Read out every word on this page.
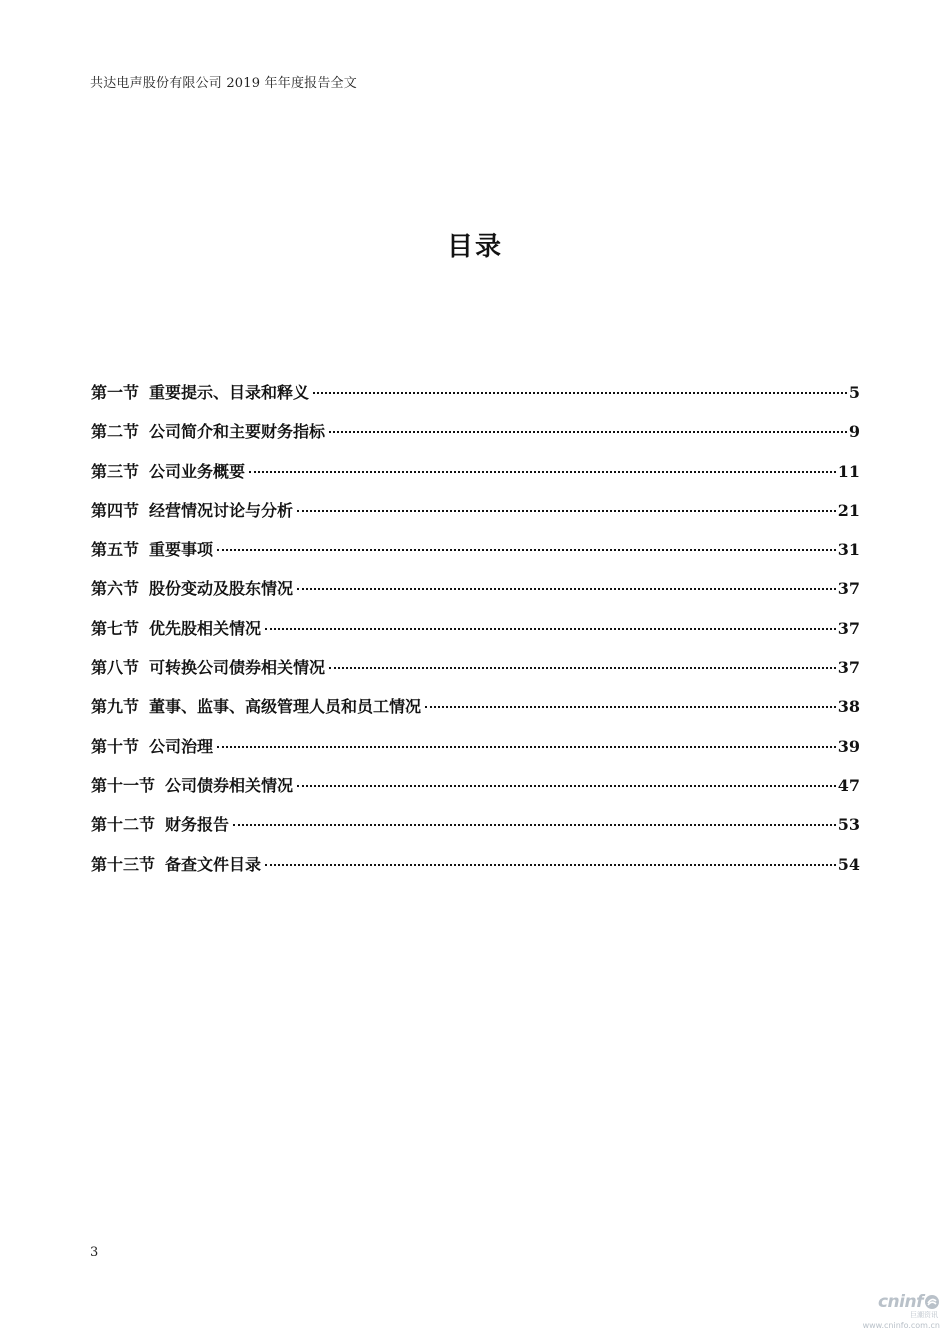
共达电声股份有限公司 2019 年年度报告全文
目录
第一节 重要提示、目录和释义	5
第二节 公司简介和主要财务指标	9
第三节 公司业务概要	11
第四节 经营情况讨论与分析	21
第五节 重要事项	31
第六节 股份变动及股东情况	37
第七节 优先股相关情况	37
第八节 可转换公司债券相关情况	37
第九节 董事、监事、高级管理人员和员工情况	38
第十节 公司治理	39
第十一节 公司债券相关情况	47
第十二节 财务报告	53
第十三节 备查文件目录	54
3
cninf
巨潮资讯
www.cninfo.com.cn
